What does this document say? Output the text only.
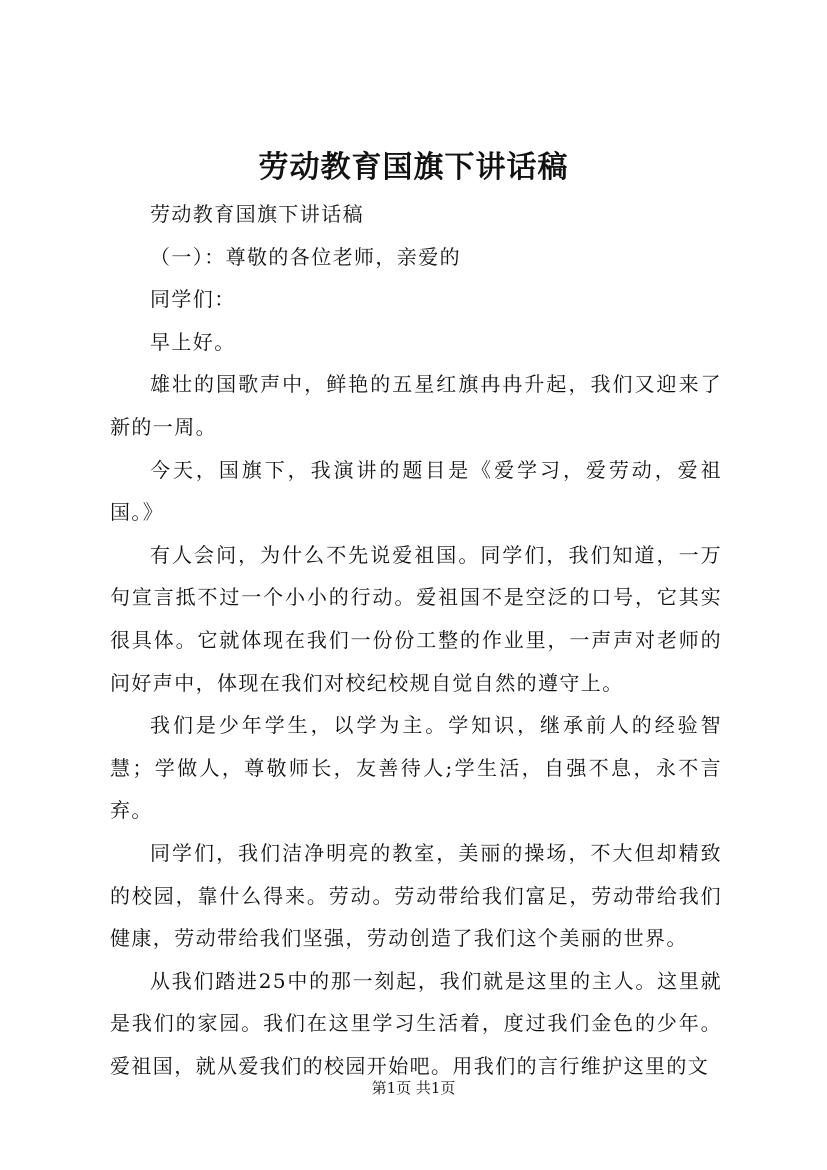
劳动教育国旗下讲话稿

劳动教育国旗下讲话稿

（一）：尊敬的各位老师，亲爱的

同学们：

早上好。

雄壮的国歌声中，鲜艳的五星红旗冉冉升起，我们又迎来了新的一周。

今天，国旗下，我演讲的题目是《爱学习，爱劳动，爱祖国。》

有人会问，为什么不先说爱祖国。同学们，我们知道，一万句宣言抵不过一个小小的行动。爱祖国不是空泛的口号，它其实很具体。它就体现在我们一份份工整的作业里，一声声对老师的问好声中，体现在我们对校纪校规自觉自然的遵守上。

我们是少年学生，以学为主。学知识，继承前人的经验智慧；学做人，尊敬师长，友善待人;学生活，自强不息，永不言弃。

同学们，我们洁净明亮的教室，美丽的操场，不大但却精致的校园，靠什么得来。劳动。劳动带给我们富足，劳动带给我们健康，劳动带给我们坚强，劳动创造了我们这个美丽的世界。

从我们踏进25中的那一刻起，我们就是这里的主人。这里就是我们的家园。我们在这里学习生活着，度过我们金色的少年。爱祖国，就从爱我们的校园开始吧。用我们的言行维护这里的文

第1页 共1页
